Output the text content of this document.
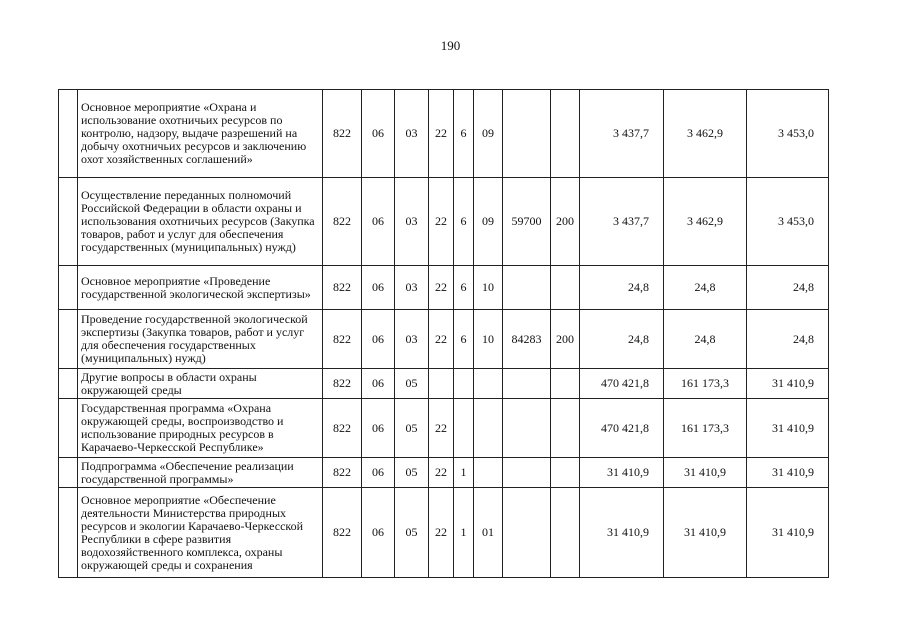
190
	Основное мероприятие «Охрана и использование охотничьих ресурсов по контролю, надзору, выдаче разрешений на добычу охотничьих ресурсов и заключению охот хозяйственных соглашений»	822	06	03	22	6	09			3 437,7	3 462,9	3 453,0
	Осуществление переданных полномочий Российской Федерации в области охраны и использования охотничьих ресурсов (Закупка товаров, работ и услуг для обеспечения государственных (муниципальных) нужд)	822	06	03	22	6	09	59700	200	3 437,7	3 462,9	3 453,0
	Основное мероприятие «Проведение государственной экологической экспертизы»	822	06	03	22	6	10			24,8	24,8	24,8
	Проведение государственной экологической экспертизы (Закупка товаров, работ и услуг для обеспечения государственных (муниципальных) нужд)	822	06	03	22	6	10	84283	200	24,8	24,8	24,8
	Другие вопросы в области охраны окружающей среды	822	06	05						470 421,8	161 173,3	31 410,9
	Государственная программа «Охрана окружающей среды, воспроизводство и использование природных ресурсов в Карачаево-Черкесской Республике»	822	06	05	22					470 421,8	161 173,3	31 410,9
	Подпрограмма «Обеспечение реализации государственной программы»	822	06	05	22	1				31 410,9	31 410,9	31 410,9
	Основное мероприятие «Обеспечение деятельности Министерства природных ресурсов и экологии Карачаево-Черкесской Республики в сфере развития водохозяйственного комплекса, охраны окружающей среды и сохранения	822	06	05	22	1	01			31 410,9	31 410,9	31 410,9
